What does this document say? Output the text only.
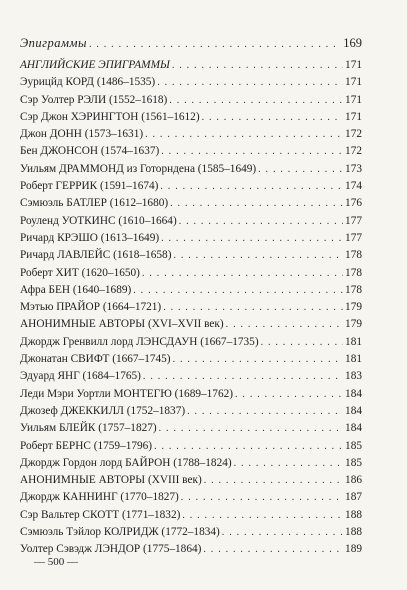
Эпиграммы . . .	169
АНГЛИЙСКИЕ ЭПИГРАММЫ . . .	171
Эурицйд КОРД (1486–1535) . . .	171
Сэр Уолтер РЭЛИ (1552–1618) . . .	171
Сэр Джон ХЭРИНГТОН (1561–1612) . . .	171
Джон ДОНН (1573–1631) . . .	172
Бен ДЖОНСОН (1574–1637) . . .	172
Уильям ДРАММОНД из Готорндена (1585–1649) . . .	173
Роберт ГЕРРИК (1591–1674) . . .	174
Сэмюэль БАТЛЕР (1612–1680) . . .	176
Роуленд УОТКИНС (1610–1664) . . .	177
Ричард КРЭШО (1613–1649) . . .	177
Ричард ЛАВЛЕЙС (1618–1658) . . .	178
Роберт ХИТ (1620–1650) . . .	178
Афра БЕН (1640–1689) . . .	178
Мэтью ПРАЙОР (1664–1721) . . .	179
АНОНИМНЫЕ АВТОРЫ (XVI–XVII век) . . .	179
Джордж Гренвилл лорд ЛЭНСДАУН (1667–1735) . . .	181
Джонатан СВИФТ (1667–1745) . . .	181
Эдуард ЯНГ (1684–1765) . . .	183
Леди Мэри Уортли МОНТЕГЮ (1689–1762) . . .	184
Джозеф ДЖЕККИЛЛ (1752–1837) . . .	184
Уильям БЛЕЙК (1757–1827) . . .	184
Роберт БЕРНС (1759–1796) . . .	185
Джордж Гордон лорд БАЙРОН (1788–1824) . . .	185
АНОНИМНЫЕ АВТОРЫ (XVIII век) . . .	186
Джордж КАННИНГ (1770–1827) . . .	187
Сэр Вальтер СКОТТ (1771–1832) . . .	188
Сэмюэль Тэйлор КОЛРИДЖ (1772–1834) . . .	188
Уолтер Сэвэдж ЛЭНДОР (1775–1864) . . .	189
— 500 —
